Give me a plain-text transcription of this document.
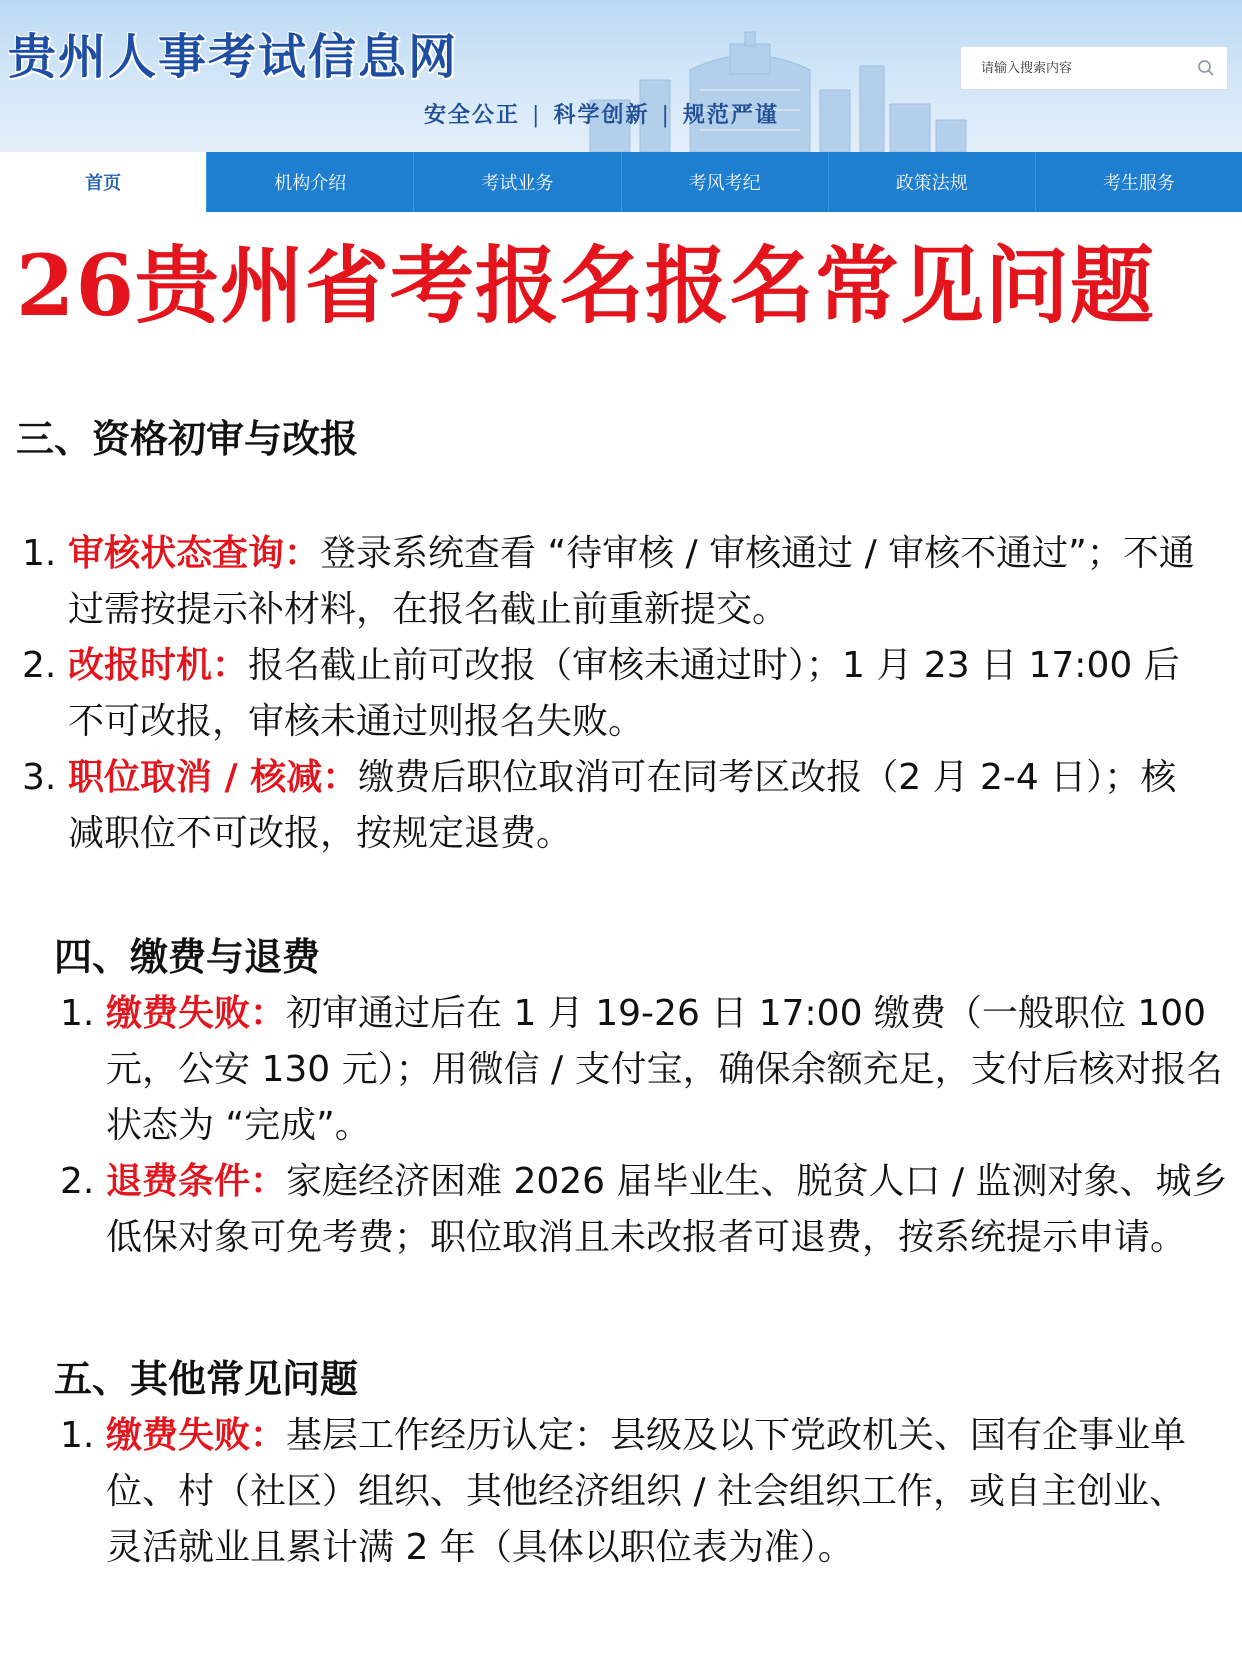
贵州人事考试信息网
安全公正 | 科学创新 | 规范严谨
请输入搜索内容
首页	机构介绍	考试业务	考风考纪	政策法规	考生服务
26贵州省考报名报名常见问题
三、资格初审与改报
1. 审核状态查询：登录系统查看 “待审核 / 审核通过 / 审核不通过”；不通过需按提示补材料，在报名截止前重新提交。
2. 改报时机：报名截止前可改报（审核未通过时）；1 月 23 日 17:00 后不可改报，审核未通过则报名失败。
3. 职位取消 / 核减：缴费后职位取消可在同考区改报（2 月 2-4 日）；核减职位不可改报，按规定退费。
四、缴费与退费
1. 缴费失败：初审通过后在 1 月 19-26 日 17:00 缴费（一般职位 100 元，公安 130 元）；用微信 / 支付宝，确保余额充足，支付后核对报名状态为 “完成”。
2. 退费条件：家庭经济困难 2026 届毕业生、脱贫人口 / 监测对象、城乡低保对象可免考费；职位取消且未改报者可退费，按系统提示申请。
五、其他常见问题
1. 缴费失败：基层工作经历认定：县级及以下党政机关、国有企事业单位、村（社区）组织、其他经济组织 / 社会组织工作，或自主创业、灵活就业且累计满 2 年（具体以职位表为准）。
